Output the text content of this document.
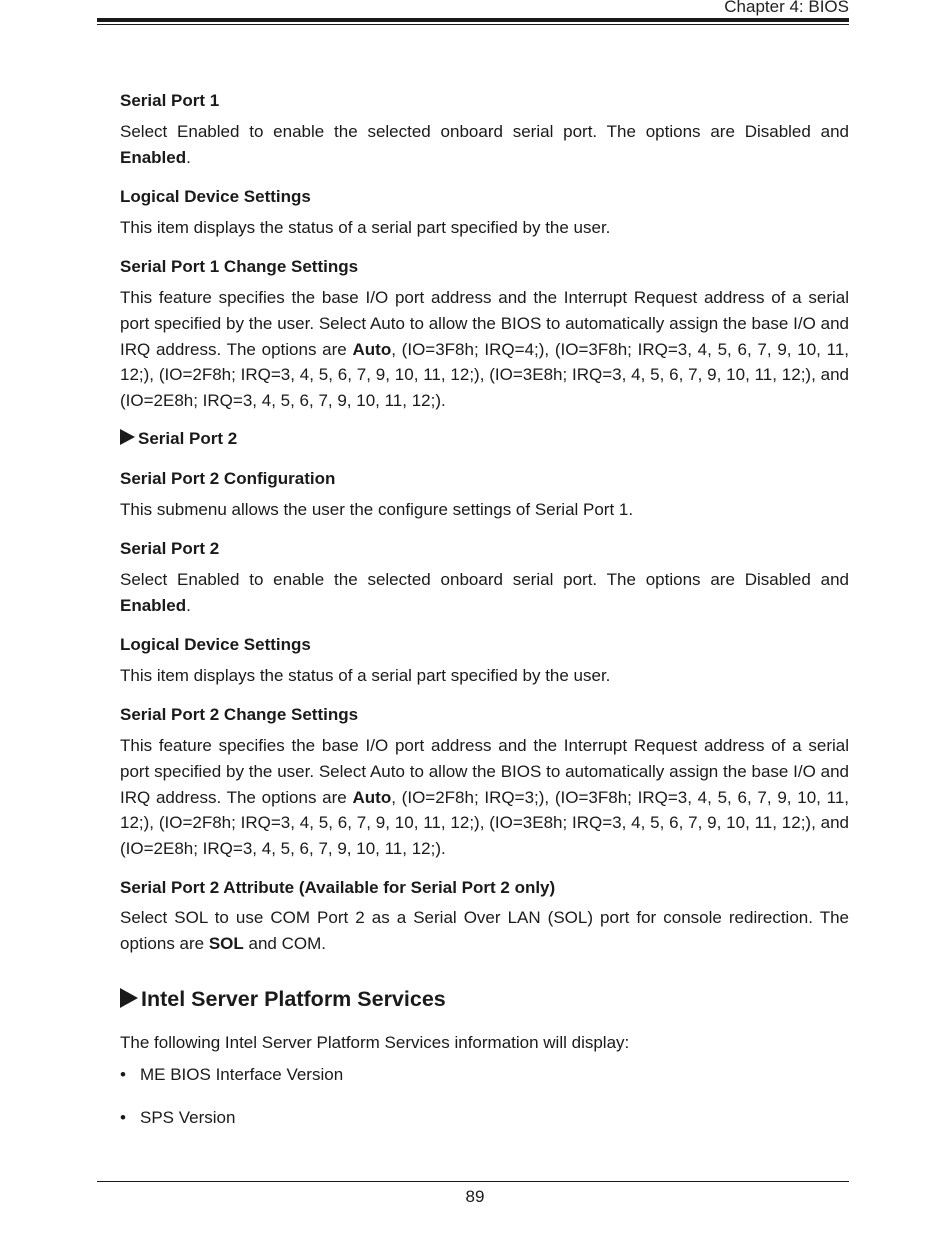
Chapter 4: BIOS
Serial Port 1
Select Enabled to enable the selected onboard serial port. The options are Disabled and Enabled.
Logical Device Settings
This item displays the status of a serial part specified by the user.
Serial Port 1 Change Settings
This feature specifies the base I/O port address and the Interrupt Request address of a serial port specified by the user. Select Auto to allow the BIOS to automatically assign the base I/O and IRQ address. The options are Auto, (IO=3F8h; IRQ=4;), (IO=3F8h; IRQ=3, 4, 5, 6, 7, 9, 10, 11, 12;), (IO=2F8h; IRQ=3, 4, 5, 6, 7, 9, 10, 11, 12;), (IO=3E8h; IRQ=3, 4, 5, 6, 7, 9, 10, 11, 12;), and (IO=2E8h; IRQ=3, 4, 5, 6, 7, 9, 10, 11, 12;).
Serial Port 2
Serial Port 2 Configuration
This submenu allows the user the configure settings of Serial Port 1.
Serial Port 2
Select Enabled to enable the selected onboard serial port. The options are Disabled and Enabled.
Logical Device Settings
This item displays the status of a serial part specified by the user.
Serial Port 2 Change Settings
This feature specifies the base I/O port address and the Interrupt Request address of a serial port specified by the user. Select Auto to allow the BIOS to automatically assign the base I/O and IRQ address. The options are Auto, (IO=2F8h; IRQ=3;), (IO=3F8h; IRQ=3, 4, 5, 6, 7, 9, 10, 11, 12;), (IO=2F8h; IRQ=3, 4, 5, 6, 7, 9, 10, 11, 12;), (IO=3E8h; IRQ=3, 4, 5, 6, 7, 9, 10, 11, 12;), and (IO=2E8h; IRQ=3, 4, 5, 6, 7, 9, 10, 11, 12;).
Serial Port 2 Attribute (Available for Serial Port 2 only)
Select SOL to use COM Port 2 as a Serial Over LAN (SOL) port for console redirection. The options are SOL and COM.
Intel Server Platform Services
The following Intel Server Platform Services information will display:
• ME BIOS Interface Version
• SPS Version
89
